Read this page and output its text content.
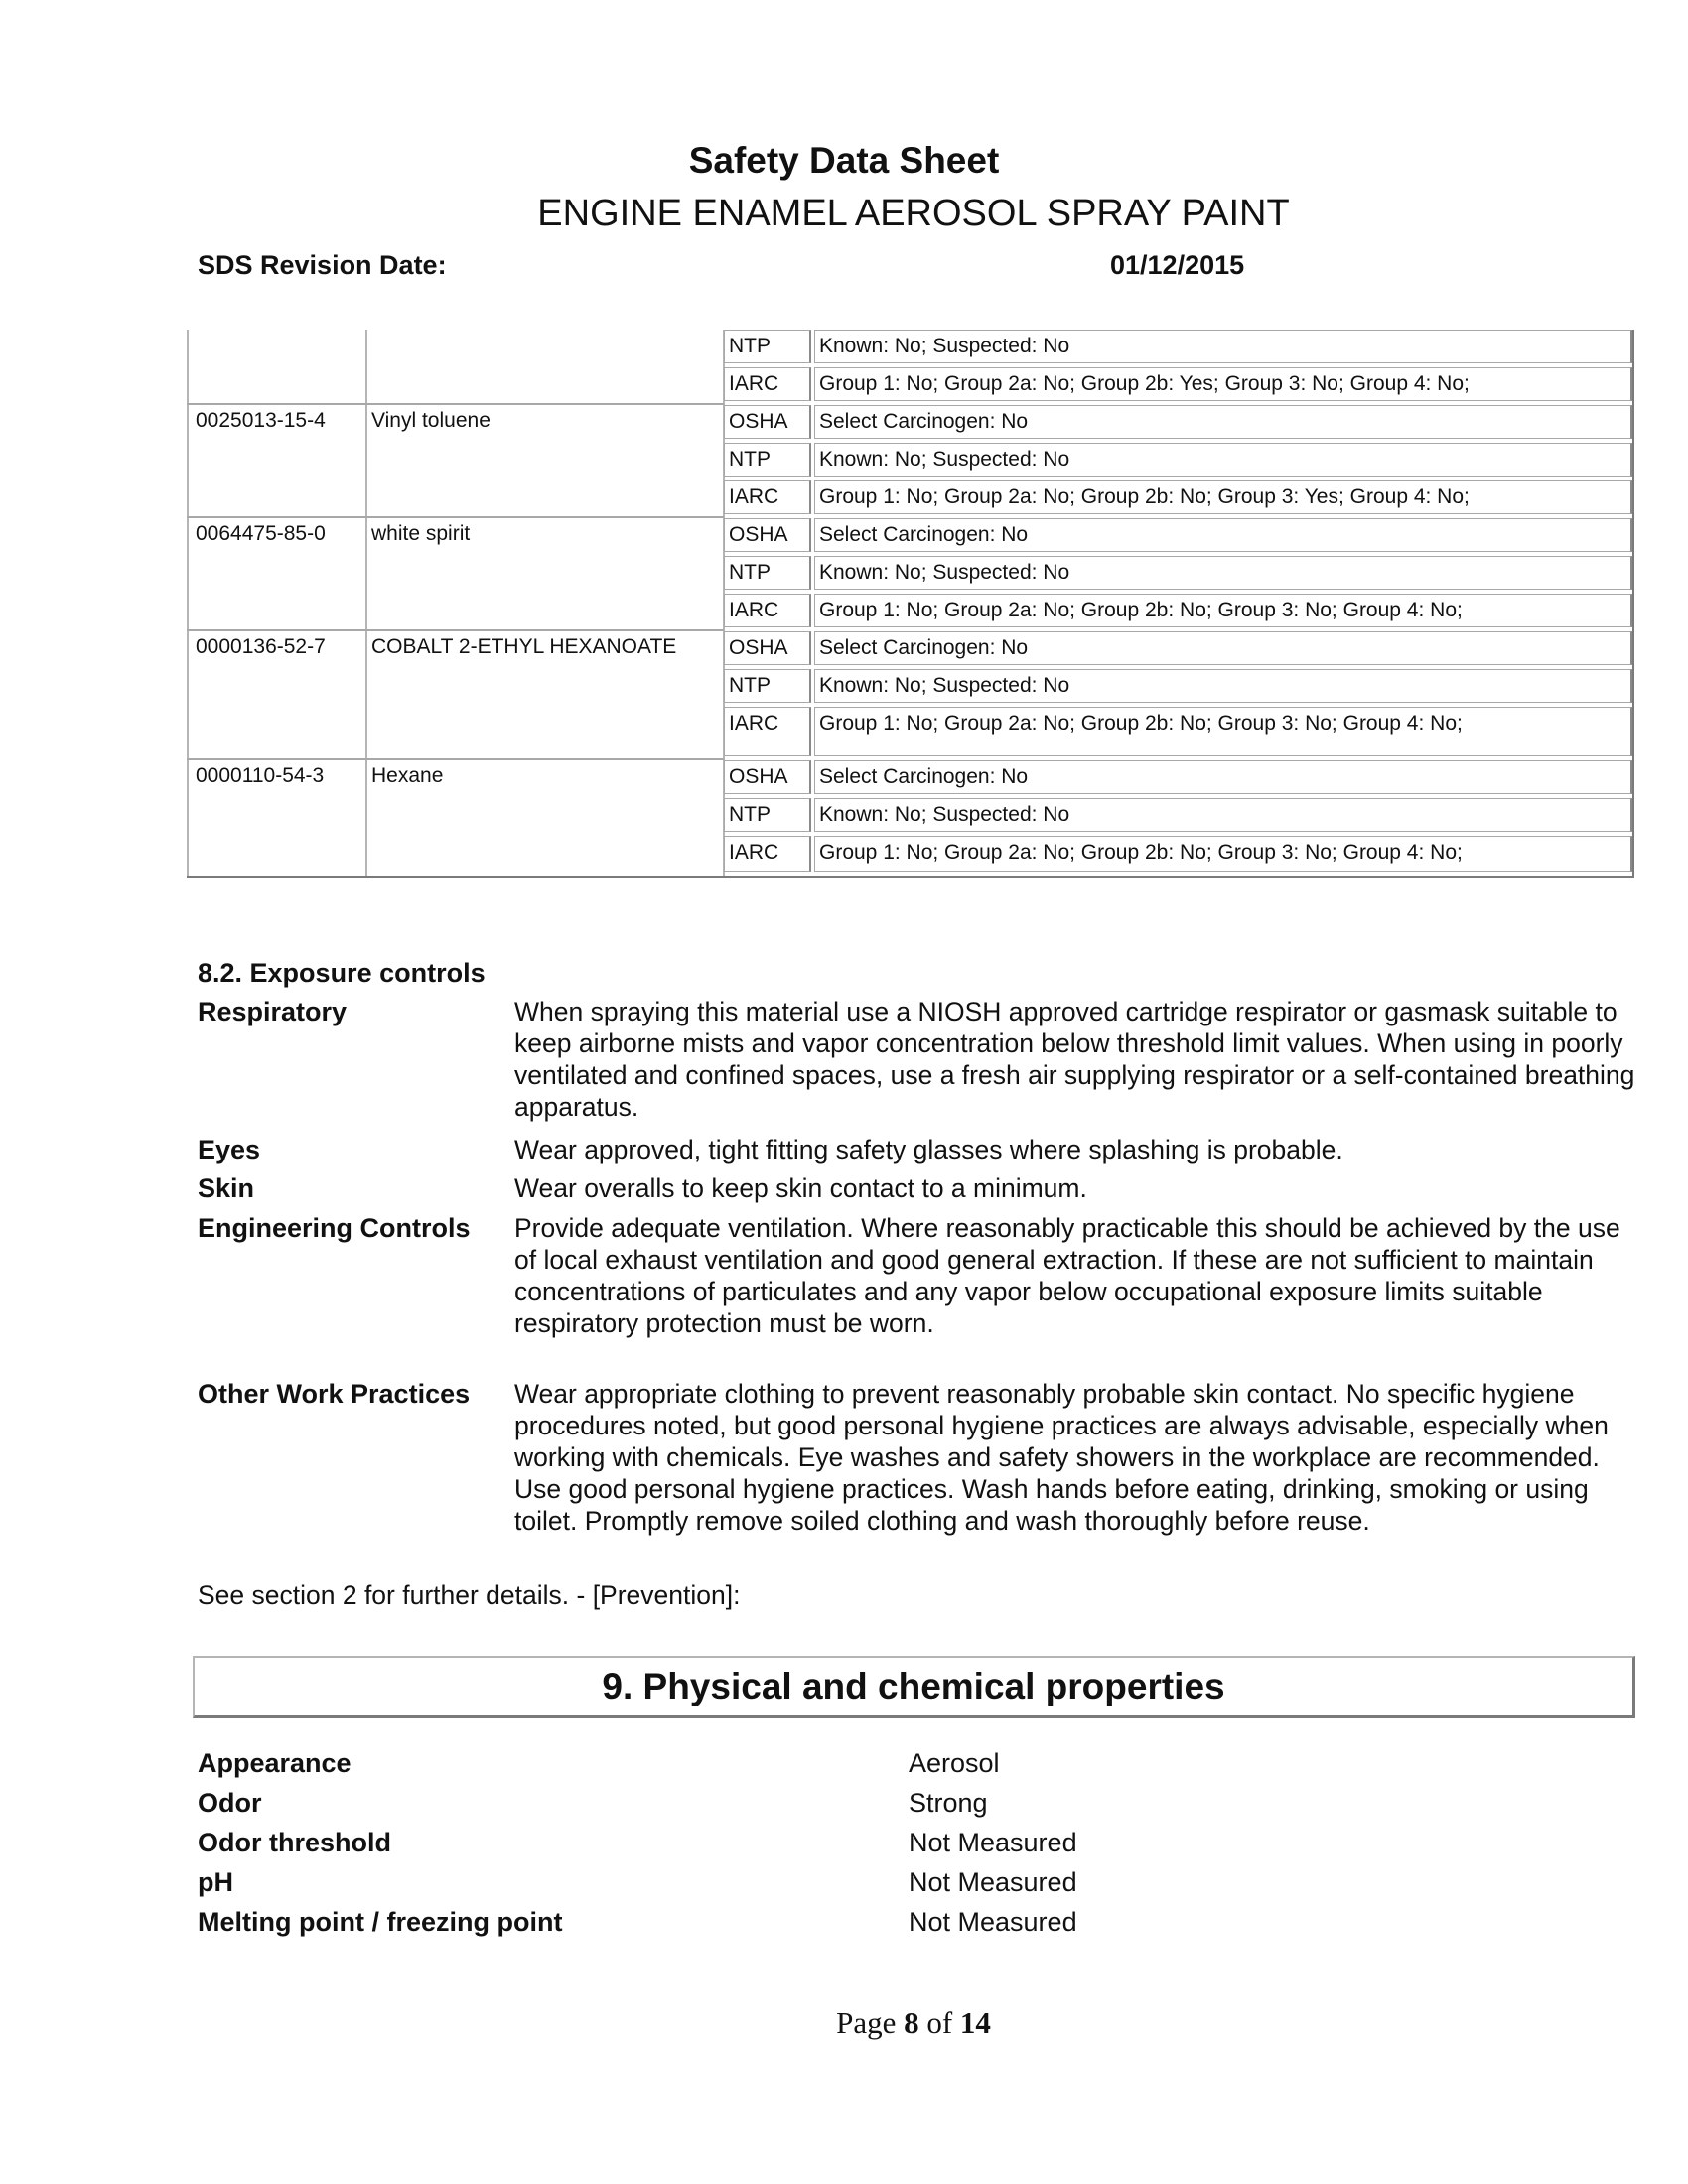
Safety Data Sheet
ENGINE ENAMEL AEROSOL SPRAY PAINT
SDS Revision Date:	01/12/2015
NTP	Known: No; Suspected: No
IARC	Group 1: No; Group 2a: No; Group 2b: Yes; Group 3: No; Group 4: No;
0025013-15-4 Vinyl toluene	OSHA	Select Carcinogen: No
NTP	Known: No; Suspected: No
IARC	Group 1: No; Group 2a: No; Group 2b: No; Group 3: Yes; Group 4: No;
0064475-85-0 white spirit	OSHA	Select Carcinogen: No
NTP	Known: No; Suspected: No
IARC	Group 1: No; Group 2a: No; Group 2b: No; Group 3: No; Group 4: No;
0000136-52-7 COBALT 2-ETHYL HEXANOATE	OSHA	Select Carcinogen: No
NTP	Known: No; Suspected: No
IARC	Group 1: No; Group 2a: No; Group 2b: No; Group 3: No; Group 4: No;
0000110-54-3 Hexane	OSHA	Select Carcinogen: No
NTP	Known: No; Suspected: No
IARC	Group 1: No; Group 2a: No; Group 2b: No; Group 3: No; Group 4: No;
8.2. Exposure controls
Respiratory	When spraying this material use a NIOSH approved cartridge respirator or gasmask suitable to keep airborne mists and vapor concentration below threshold limit values. When using in poorly ventilated and confined spaces, use a fresh air supplying respirator or a self-contained breathing apparatus.
Eyes	Wear approved, tight fitting safety glasses where splashing is probable.
Skin	Wear overalls to keep skin contact to a minimum.
Engineering Controls Provide adequate ventilation. Where reasonably practicable this should be achieved by the use of local exhaust ventilation and good general extraction. If these are not sufficient to maintain concentrations of particulates and any vapor below occupational exposure limits suitable respiratory protection must be worn.
Other Work Practices Wear appropriate clothing to prevent reasonably probable skin contact. No specific hygiene procedures noted, but good personal hygiene practices are always advisable, especially when working with chemicals. Eye washes and safety showers in the workplace are recommended. Use good personal hygiene practices. Wash hands before eating, drinking, smoking or using toilet. Promptly remove soiled clothing and wash thoroughly before reuse.
See section 2 for further details. - [Prevention]:
9. Physical and chemical properties
Appearance	Aerosol
Odor	Strong
Odor threshold	Not Measured
pH	Not Measured
Melting point / freezing point	Not Measured
Page 8 of 14
